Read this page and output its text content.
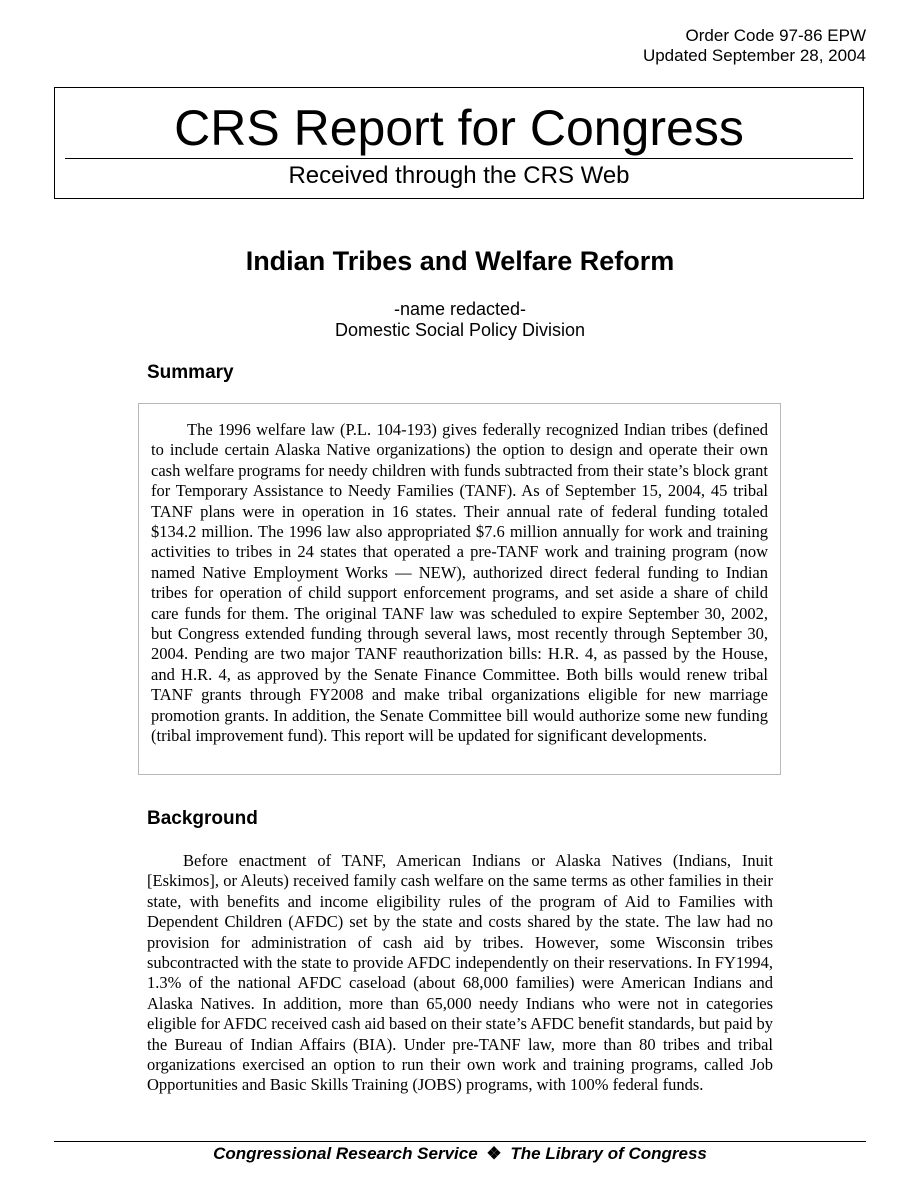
Order Code 97-86 EPW
Updated September 28, 2004
CRS Report for Congress
Received through the CRS Web
Indian Tribes and Welfare Reform
-name redacted-
Domestic Social Policy Division
Summary

The 1996 welfare law (P.L. 104-193) gives federally recognized Indian tribes (defined to include certain Alaska Native organizations) the option to design and operate their own cash welfare programs for needy children with funds subtracted from their state’s block grant for Temporary Assistance to Needy Families (TANF). As of September 15, 2004, 45 tribal TANF plans were in operation in 16 states. Their annual rate of federal funding totaled $134.2 million. The 1996 law also appropriated $7.6 million annually for work and training activities to tribes in 24 states that operated a pre-TANF work and training program (now named Native Employment Works — NEW), authorized direct federal funding to Indian tribes for operation of child support enforcement programs, and set aside a share of child care funds for them. The original TANF law was scheduled to expire September 30, 2002, but Congress extended funding through several laws, most recently through September 30, 2004. Pending are two major TANF reauthorization bills: H.R. 4, as passed by the House, and H.R. 4, as approved by the Senate Finance Committee. Both bills would renew tribal TANF grants through FY2008 and make tribal organizations eligible for new marriage promotion grants. In addition, the Senate Committee bill would authorize some new funding (tribal improvement fund). This report will be updated for significant developments.

Background

Before enactment of TANF, American Indians or Alaska Natives (Indians, Inuit [Eskimos], or Aleuts) received family cash welfare on the same terms as other families in their state, with benefits and income eligibility rules of the program of Aid to Families with Dependent Children (AFDC) set by the state and costs shared by the state. The law had no provision for administration of cash aid by tribes. However, some Wisconsin tribes subcontracted with the state to provide AFDC independently on their reservations. In FY1994, 1.3% of the national AFDC caseload (about 68,000 families) were American Indians and Alaska Natives. In addition, more than 65,000 needy Indians who were not in categories eligible for AFDC received cash aid based on their state’s AFDC benefit standards, but paid by the Bureau of Indian Affairs (BIA). Under pre-TANF law, more than 80 tribes and tribal organizations exercised an option to run their own work and training programs, called Job Opportunities and Basic Skills Training (JOBS) programs, with 100% federal funds.

Congressional Research Service ❖ The Library of Congress
